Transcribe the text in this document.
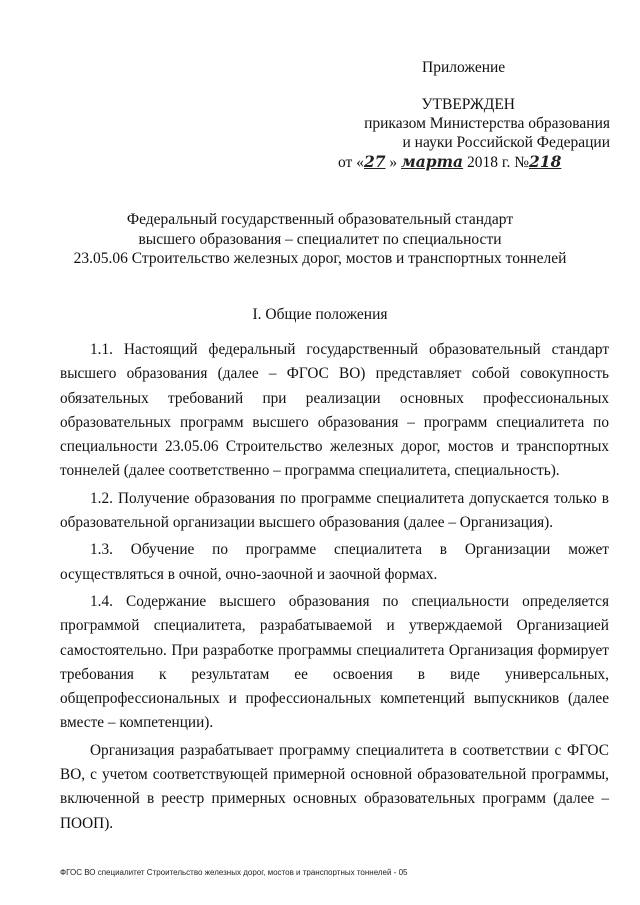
Приложение
УТВЕРЖДЕН
приказом Министерства образования
и науки Российской Федерации
от «27 » марта 2018 г. №218
Федеральный государственный образовательный стандарт
высшего образования – специалитет по специальности
23.05.06 Строительство железных дорог, мостов и транспортных тоннелей
I. Общие положения

1.1. Настоящий федеральный государственный образовательный стандарт высшего образования (далее – ФГОС ВО) представляет собой совокупность обязательных требований при реализации основных профессиональных образовательных программ высшего образования – программ специалитета по специальности 23.05.06 Строительство железных дорог, мостов и транспортных тоннелей (далее соответственно – программа специалитета, специальность).

1.2. Получение образования по программе специалитета допускается только в образовательной организации высшего образования (далее – Организация).

1.3. Обучение по программе специалитета в Организации может осуществляться в очной, очно-заочной и заочной формах.

1.4. Содержание высшего образования по специальности определяется программой специалитета, разрабатываемой и утверждаемой Организацией самостоятельно. При разработке программы специалитета Организация формирует требования к результатам ее освоения в виде универсальных, общепрофессиональных и профессиональных компетенций выпускников (далее вместе – компетенции).

Организация разрабатывает программу специалитета в соответствии с ФГОС ВО, с учетом соответствующей примерной основной образовательной программы, включенной в реестр примерных основных образовательных программ (далее – ПООП).

ФГОС ВО специалитет Строительство железных дорог, мостов и транспортных тоннелей - 05
